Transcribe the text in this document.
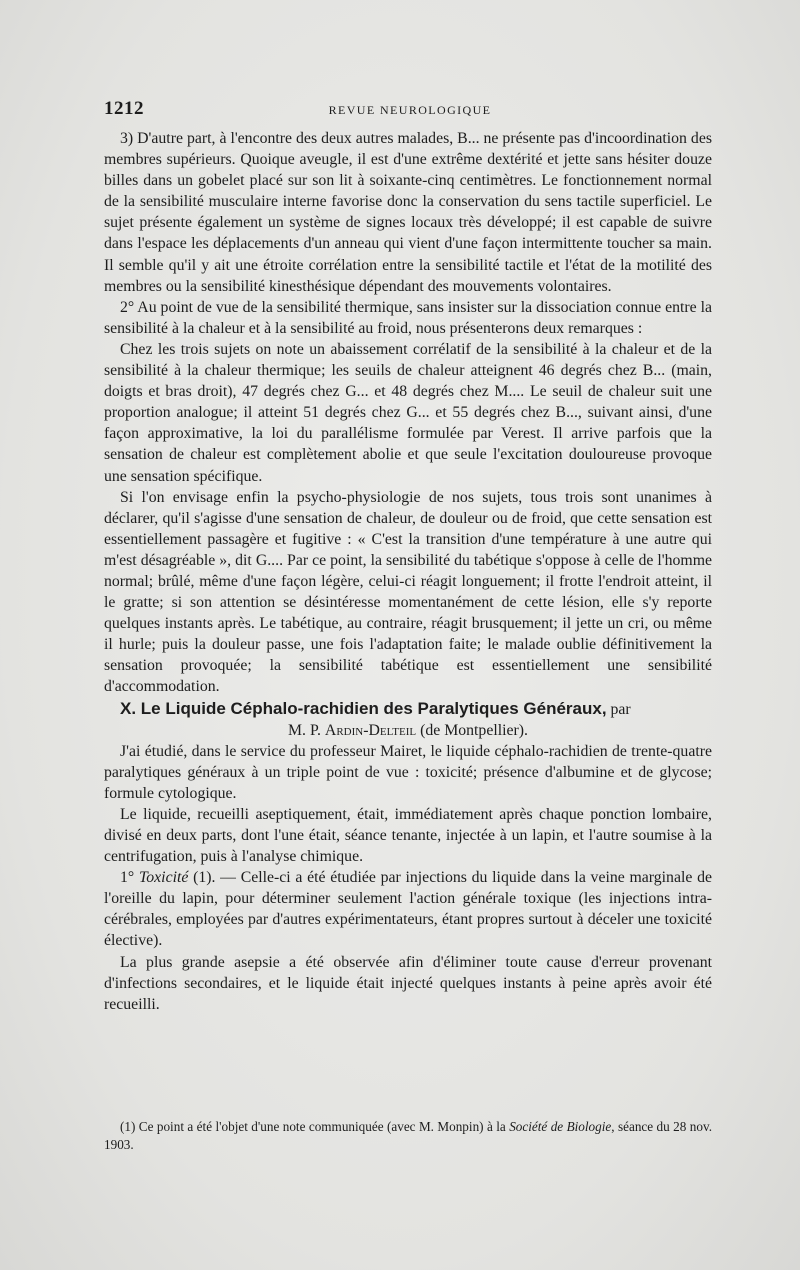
1212	REVUE NEUROLOGIQUE

3) D'autre part, à l'encontre des deux autres malades, B... ne présente pas d'incoordination des membres supérieurs. Quoique aveugle, il est d'une extrême dextérité et jette sans hésiter douze billes dans un gobelet placé sur son lit à soixante-cinq centimètres. Le fonctionnement normal de la sensibilité musculaire interne favorise donc la conservation du sens tactile superficiel. Le sujet présente également un système de signes locaux très développé; il est capable de suivre dans l'espace les déplacements d'un anneau qui vient d'une façon intermittente toucher sa main. Il semble qu'il y ait une étroite corrélation entre la sensibilité tactile et l'état de la motilité des membres ou la sensibilité kinesthésique dépendant des mouvements volontaires.

2° Au point de vue de la sensibilité thermique, sans insister sur la dissociation connue entre la sensibilité à la chaleur et à la sensibilité au froid, nous présenterons deux remarques :

Chez les trois sujets on note un abaissement corrélatif de la sensibilité à la chaleur et de la sensibilité à la chaleur thermique; les seuils de chaleur atteignent 46 degrés chez B... (main, doigts et bras droit), 47 degrés chez G... et 48 degrés chez M.... Le seuil de chaleur suit une proportion analogue; il atteint 51 degrés chez G... et 55 degrés chez B..., suivant ainsi, d'une façon approximative, la loi du parallélisme formulée par Verest. Il arrive parfois que la sensation de chaleur est complètement abolie et que seule l'excitation douloureuse provoque une sensation spécifique.

Si l'on envisage enfin la psycho-physiologie de nos sujets, tous trois sont unanimes à déclarer, qu'il s'agisse d'une sensation de chaleur, de douleur ou de froid, que cette sensation est essentiellement passagère et fugitive : « C'est la transition d'une température à une autre qui m'est désagréable », dit G.... Par ce point, la sensibilité du tabétique s'oppose à celle de l'homme normal; brûlé, même d'une façon légère, celui-ci réagit longuement; il frotte l'endroit atteint, il le gratte; si son attention se désintéresse momentanément de cette lésion, elle s'y reporte quelques instants après. Le tabétique, au contraire, réagit brusquement; il jette un cri, ou même il hurle; puis la douleur passe, une fois l'adaptation faite; le malade oublie définitivement la sensation provoquée; la sensibilité tabétique est essentiellement une sensibilité d'accommodation.

X. Le Liquide Céphalo-rachidien des Paralytiques Généraux, par

M. P. Ardin-Delteil (de Montpellier).

J'ai étudié, dans le service du professeur Mairet, le liquide céphalo-rachidien de trente-quatre paralytiques généraux à un triple point de vue : toxicité; présence d'albumine et de glycose; formule cytologique.

Le liquide, recueilli aseptiquement, était, immédiatement après chaque ponction lombaire, divisé en deux parts, dont l'une était, séance tenante, injectée à un lapin, et l'autre soumise à la centrifugation, puis à l'analyse chimique.

1° Toxicité (1). — Celle-ci a été étudiée par injections du liquide dans la veine marginale de l'oreille du lapin, pour déterminer seulement l'action générale toxique (les injections intra-cérébrales, employées par d'autres expérimentateurs, étant propres surtout à déceler une toxicité élective).

La plus grande asepsie a été observée afin d'éliminer toute cause d'erreur provenant d'infections secondaires, et le liquide était injecté quelques instants à peine après avoir été recueilli.

(1) Ce point a été l'objet d'une note communiquée (avec M. Monpin) à la Société de Biologie, séance du 28 nov. 1903.
